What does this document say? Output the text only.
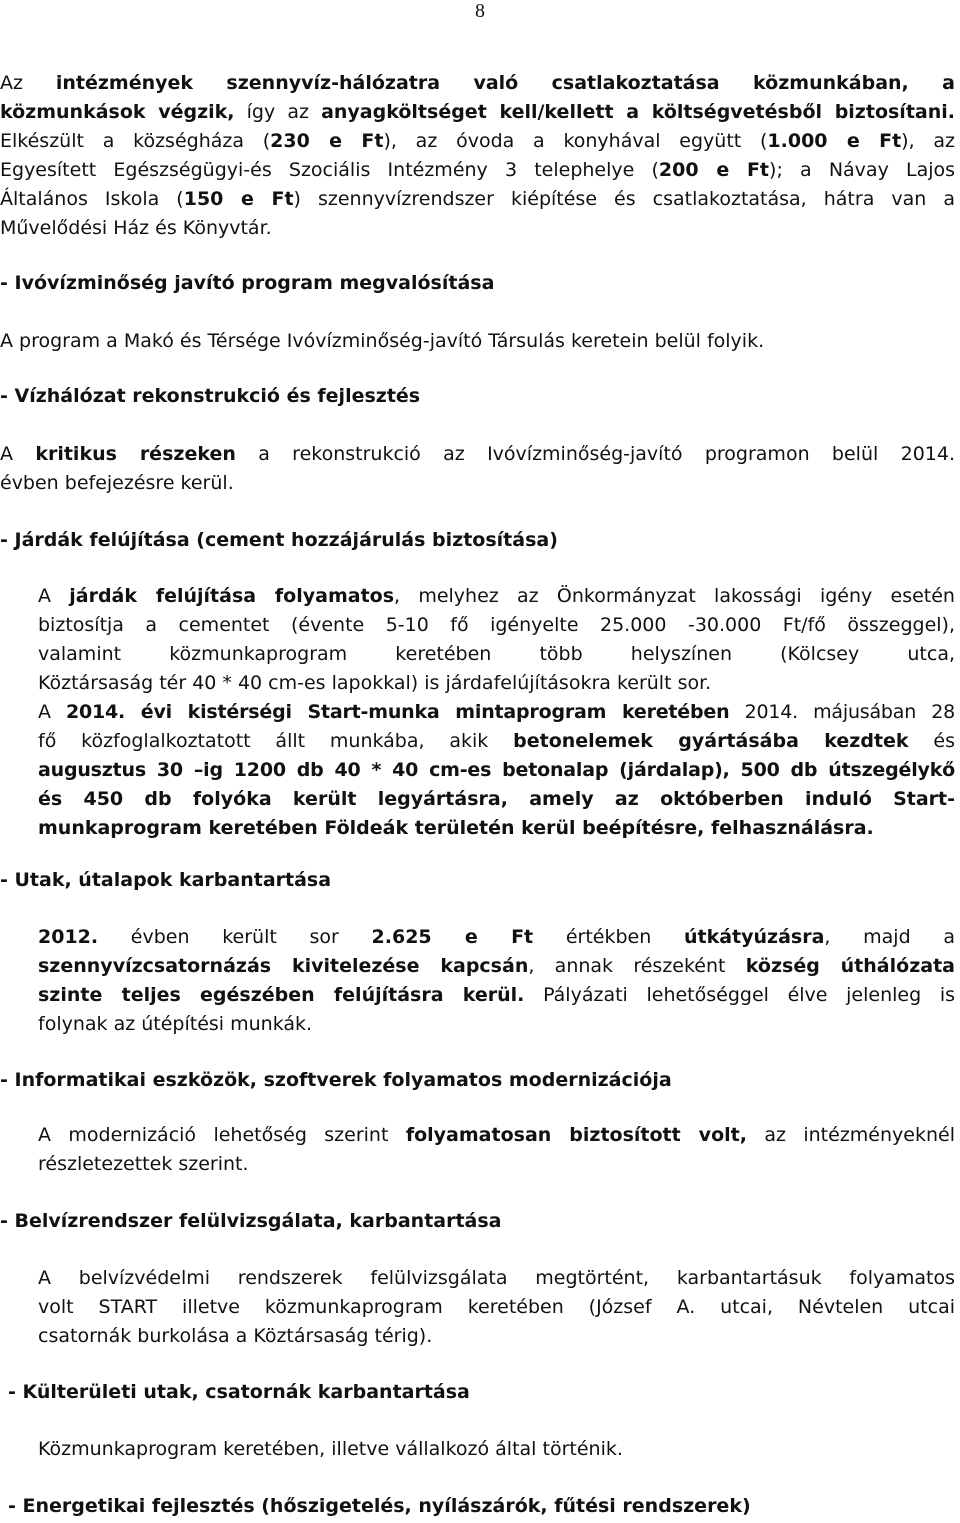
8
Az intézmények szennyvíz-hálózatra való csatlakoztatása közmunkában, a
közmunkások végzik, így az anyagköltséget kell/kellett a költségvetésből biztosítani.
Elkészült a községháza (230 e Ft), az óvoda a konyhával együtt (1.000 e Ft), az
Egyesített Egészségügyi-és Szociális Intézmény 3 telephelye (200 e Ft); a Návay Lajos
Általános Iskola (150 e Ft) szennyvízrendszer kiépítése és csatlakoztatása, hátra van a
Művelődési Ház és Könyvtár.
- Ivóvízminőség javító program megvalósítása
A program a Makó és Térsége Ivóvízminőség-javító Társulás keretein belül folyik.
- Vízhálózat rekonstrukció és fejlesztés
A kritikus részeken a rekonstrukció az Ivóvízminőség-javító programon belül 2014.
évben befejezésre kerül.
- Járdák felújítása (cement hozzájárulás biztosítása)
A járdák felújítása folyamatos, melyhez az Önkormányzat lakossági igény esetén
biztosítja a cementet (évente 5-10 fő igényelte 25.000 -30.000 Ft/fő összeggel),
valamint közmunkaprogram keretében több helyszínen (Kölcsey utca,
Köztársaság tér 40 * 40 cm-es lapokkal) is járdafelújításokra került sor.
A 2014. évi kistérségi Start-munka mintaprogram keretében 2014. májusában 28
fő közfoglalkoztatott állt munkába, akik betonelemek gyártásába kezdtek és
augusztus 30 –ig 1200 db 40 * 40 cm-es betonalap (járdalap), 500 db útszegélykő
és 450 db folyóka került legyártásra, amely az októberben induló Start-
munkaprogram keretében Földeák területén kerül beépítésre, felhasználásra.
- Utak, útalapok karbantartása
2012. évben került sor 2.625 e Ft értékben útkátyúzásra, majd a
szennyvízcsatornázás kivitelezése kapcsán, annak részeként község úthálózata
szinte teljes egészében felújításra kerül. Pályázati lehetőséggel élve jelenleg is
folynak az útépítési munkák.
- Informatikai eszközök, szoftverek folyamatos modernizációja
A modernizáció lehetőség szerint folyamatosan biztosított volt, az intézményeknél
részletezettek szerint.
- Belvízrendszer felülvizsgálata, karbantartása
A belvízvédelmi rendszerek felülvizsgálata megtörtént, karbantartásuk folyamatos
volt START illetve közmunkaprogram keretében (József A. utcai, Névtelen utcai
csatornák burkolása a Köztársaság térig).
- Külterületi utak, csatornák karbantartása
Közmunkaprogram keretében, illetve vállalkozó által történik.
- Energetikai fejlesztés (hőszigetelés, nyílászárók, fűtési rendszerek)
